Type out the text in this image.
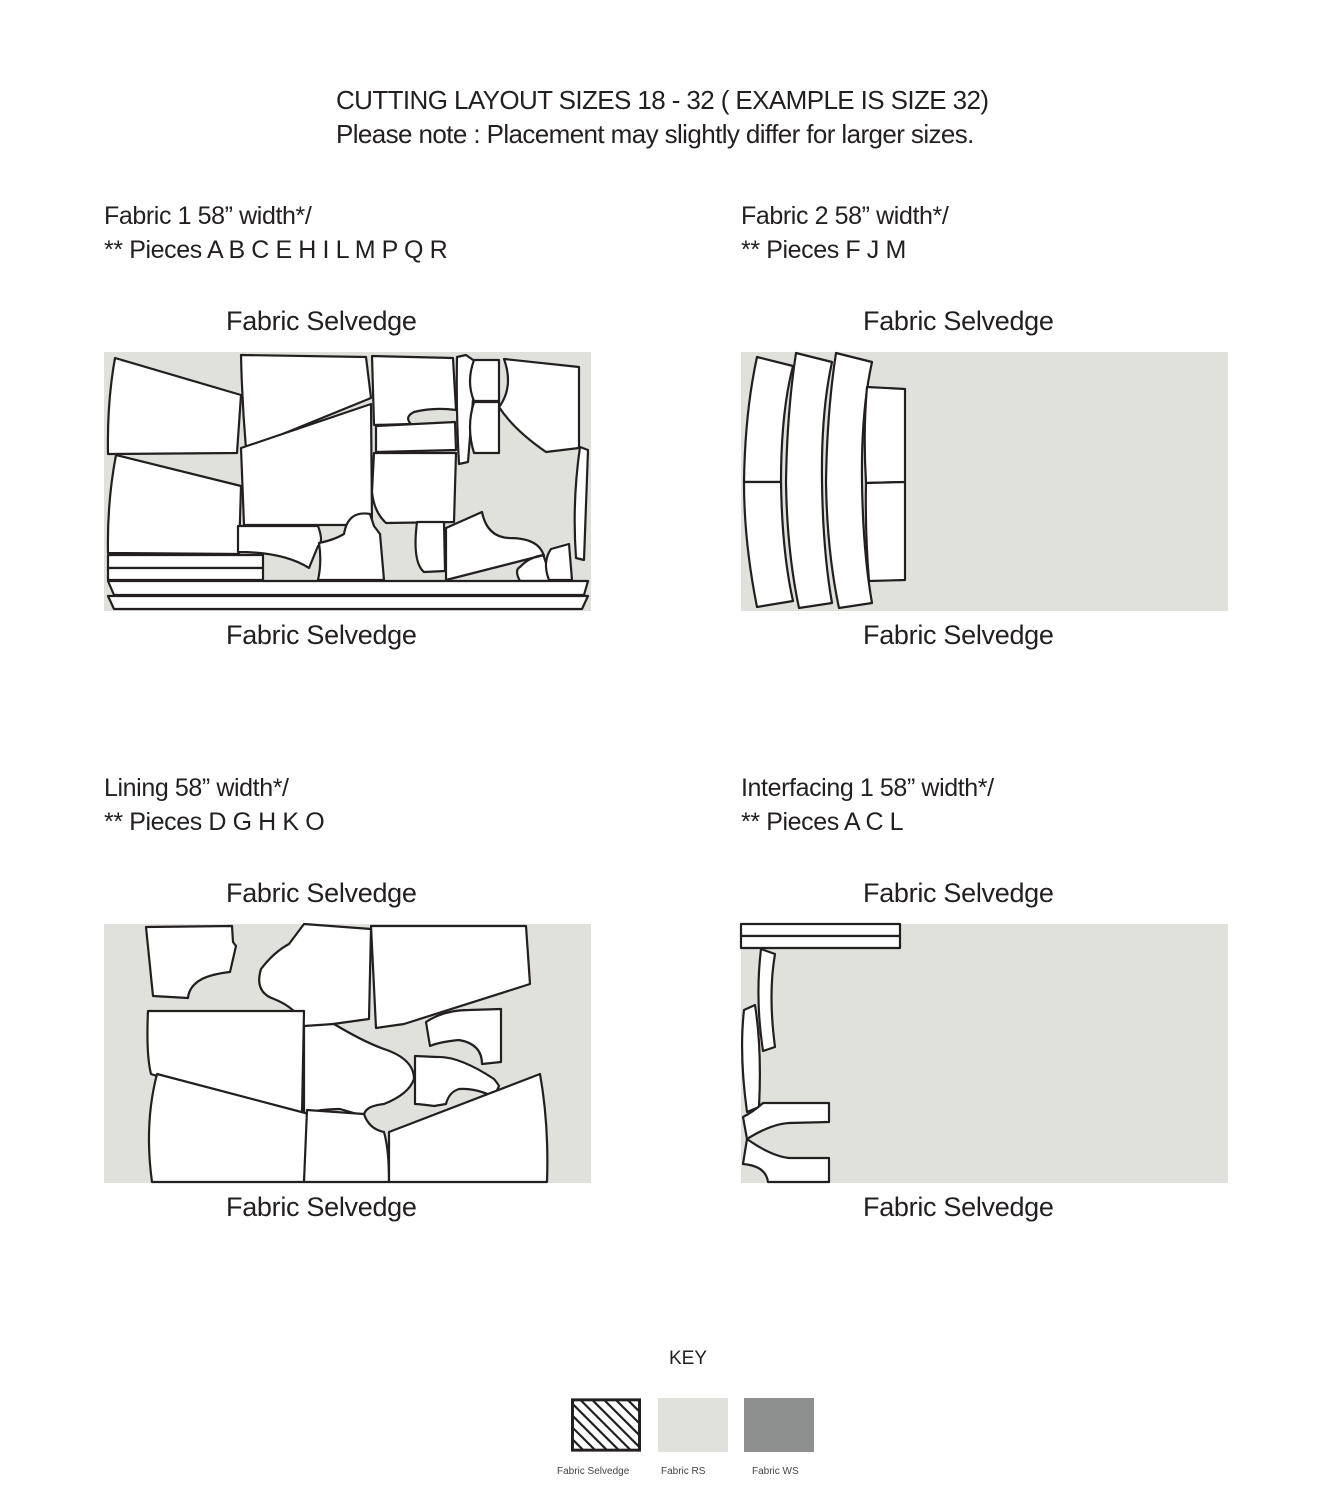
CUTTING LAYOUT SIZES 18 - 32 ( EXAMPLE IS SIZE 32)
Please note : Placement may slightly differ for larger sizes.
Fabric 1 58” width*/
** Pieces A B C E H I L M P Q R
Fabric Selvedge
Fabric Selvedge
Fabric 2 58” width*/
** Pieces F J M
Fabric Selvedge
Fabric Selvedge
Lining 58” width*/
** Pieces D G H K O
Fabric Selvedge
Fabric Selvedge
Interfacing 1 58” width*/
** Pieces A C L
Fabric Selvedge
Fabric Selvedge
KEY
Fabric Selvedge	Fabric RS	Fabric WS
